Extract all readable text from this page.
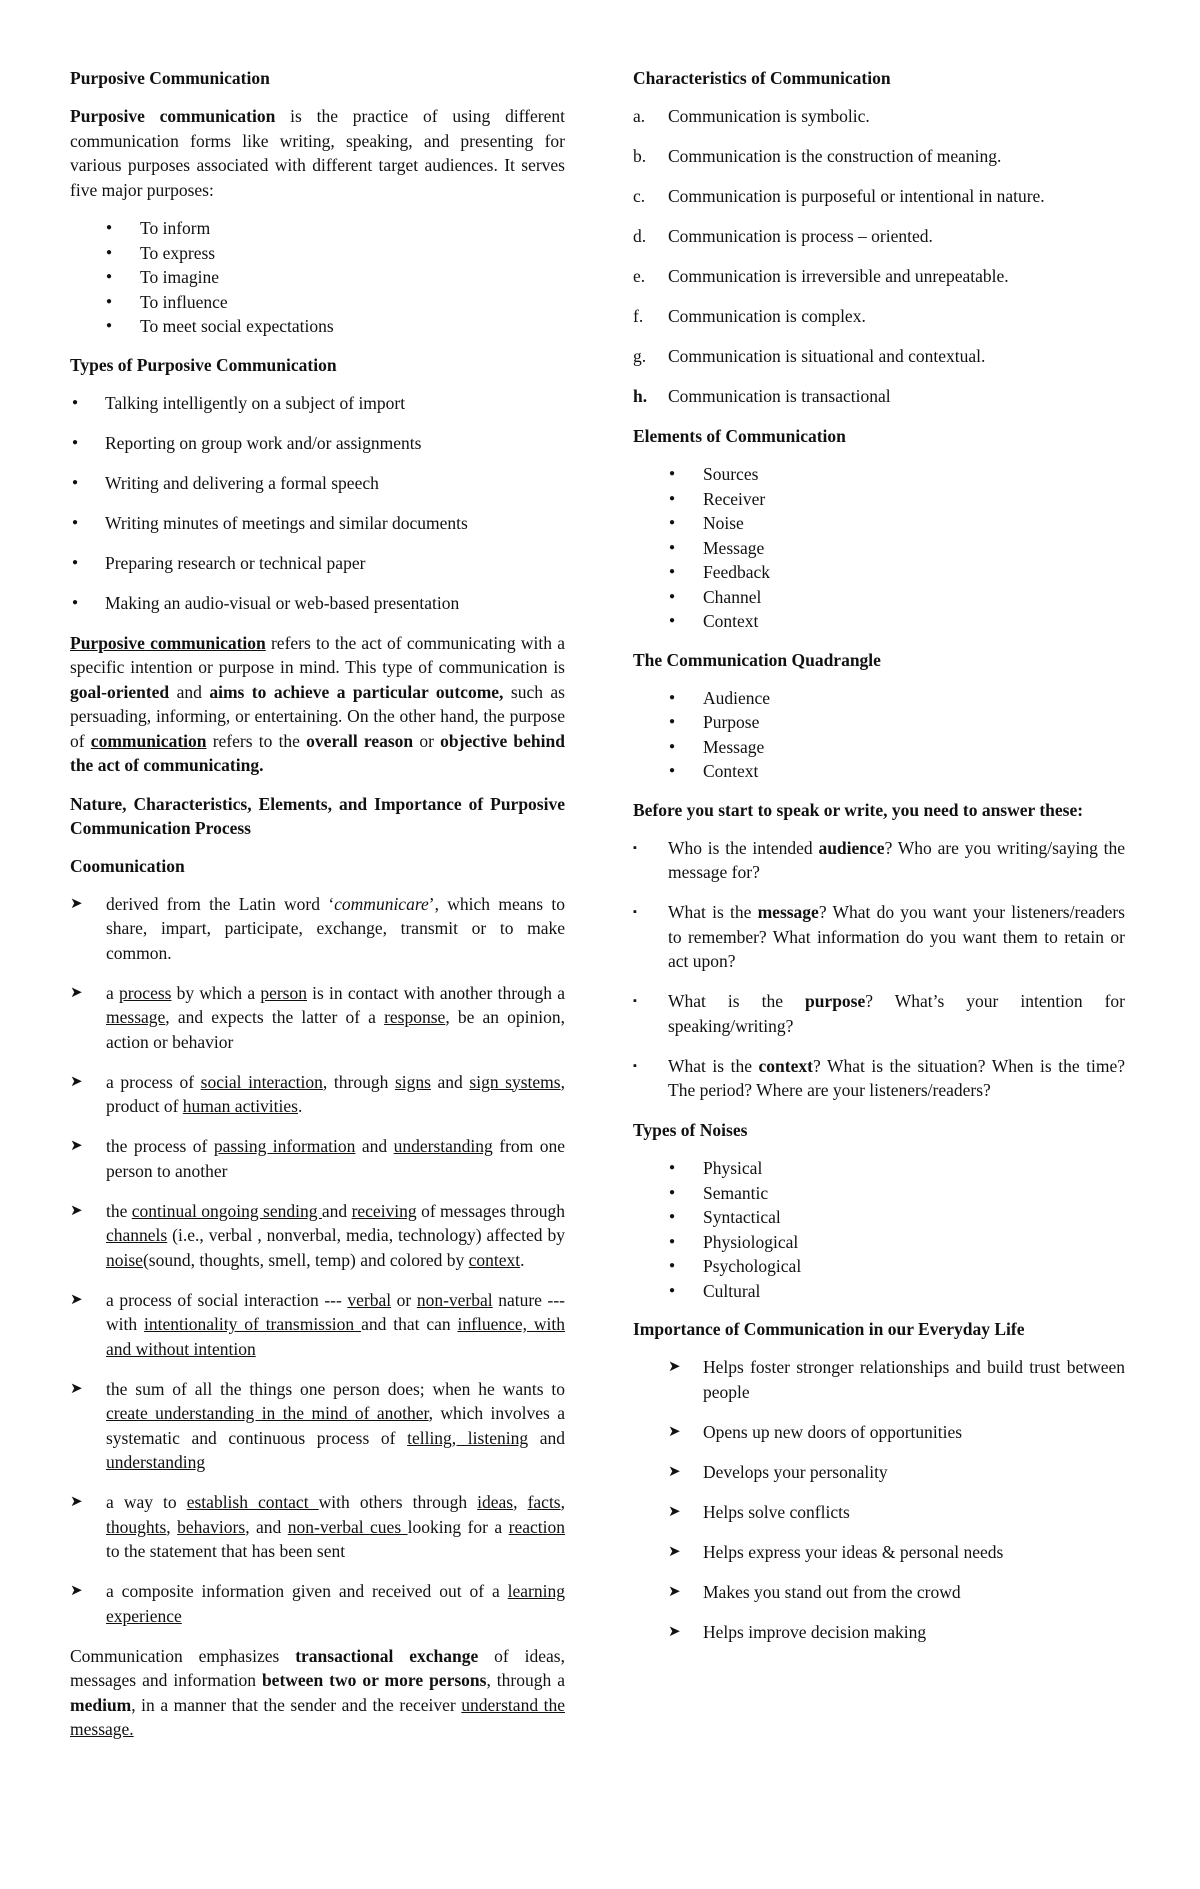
Purposive Communication

Purposive communication is the practice of using different communication forms like writing, speaking, and presenting for various purposes associated with different target audiences. It serves five major purposes:

● To inform
● To express
● To imagine
● To influence
● To meet social expectations
Types of Purposive Communication
● Talking intelligently on a subject of import
● Reporting on group work and/or assignments
● Writing and delivering a formal speech
● Writing minutes of meetings and similar documents
● Preparing research or technical paper
● Making an audio-visual or web-based presentation

Purposive communication refers to the act of communicating with a specific intention or purpose in mind. This type of communication is goal-oriented and aims to achieve a particular outcome, such as persuading, informing, or entertaining. On the other hand, the purpose of communication refers to the overall reason or objective behind the act of communicating.

Nature, Characteristics, Elements, and Importance of Purposive Communication Process
Coomunication
➤ derived from the Latin word ‘communicare’, which means to share, impart, participate, exchange, transmit or to make common.
➤ a process by which a person is in contact with another through a message, and expects the latter of a response, be an opinion, action or behavior
➤ a process of social interaction, through signs and sign systems, product of human activities.
➤ the process of passing information and understanding from one person to another
➤ the continual ongoing sending and receiving of messages through channels (i.e., verbal , nonverbal, media, technology) affected by noise(sound, thoughts, smell, temp) and colored by context.
➤ a process of social interaction --- verbal or non-verbal nature --- with intentionality of transmission and that can influence, with and without intention
➤ the sum of all the things one person does; when he wants to create understanding in the mind of another, which involves a systematic and continuous process of telling, listening and understanding
➤ a way to establish contact with others through ideas, facts, thoughts, behaviors, and non-verbal cues looking for a reaction to the statement that has been sent
➤ a composite information given and received out of a learning experience

Communication emphasizes transactional exchange of ideas, messages and information between two or more persons, through a medium, in a manner that the sender and the receiver understand the message.

Characteristics of Communication
a. Communication is symbolic.
b. Communication is the construction of meaning.
c. Communication is purposeful or intentional in nature.
d. Communication is process – oriented.
e. Communication is irreversible and unrepeatable.
f. Communication is complex.
g. Communication is situational and contextual.
h. Communication is transactional
Elements of Communication
● Sources
● Receiver
● Noise
● Message
● Feedback
● Channel
● Context
The Communication Quadrangle
● Audience
● Purpose
● Message
● Context
Before you start to speak or write, you need to answer these:
▪ Who is the intended audience? Who are you writing/saying the message for?
▪ What is the message? What do you want your listeners/readers to remember? What information do you want them to retain or act upon?
▪ What is the purpose? What’s your intention for speaking/writing?
▪ What is the context? What is the situation? When is the time? The period? Where are your listeners/readers?
Types of Noises
● Physical
● Semantic
● Syntactical
● Physiological
● Psychological
● Cultural
Importance of Communication in our Everyday Life
➤ Helps foster stronger relationships and build trust between people
➤ Opens up new doors of opportunities
➤ Develops your personality
➤ Helps solve conflicts
➤ Helps express your ideas & personal needs
➤ Makes you stand out from the crowd
➤ Helps improve decision making
